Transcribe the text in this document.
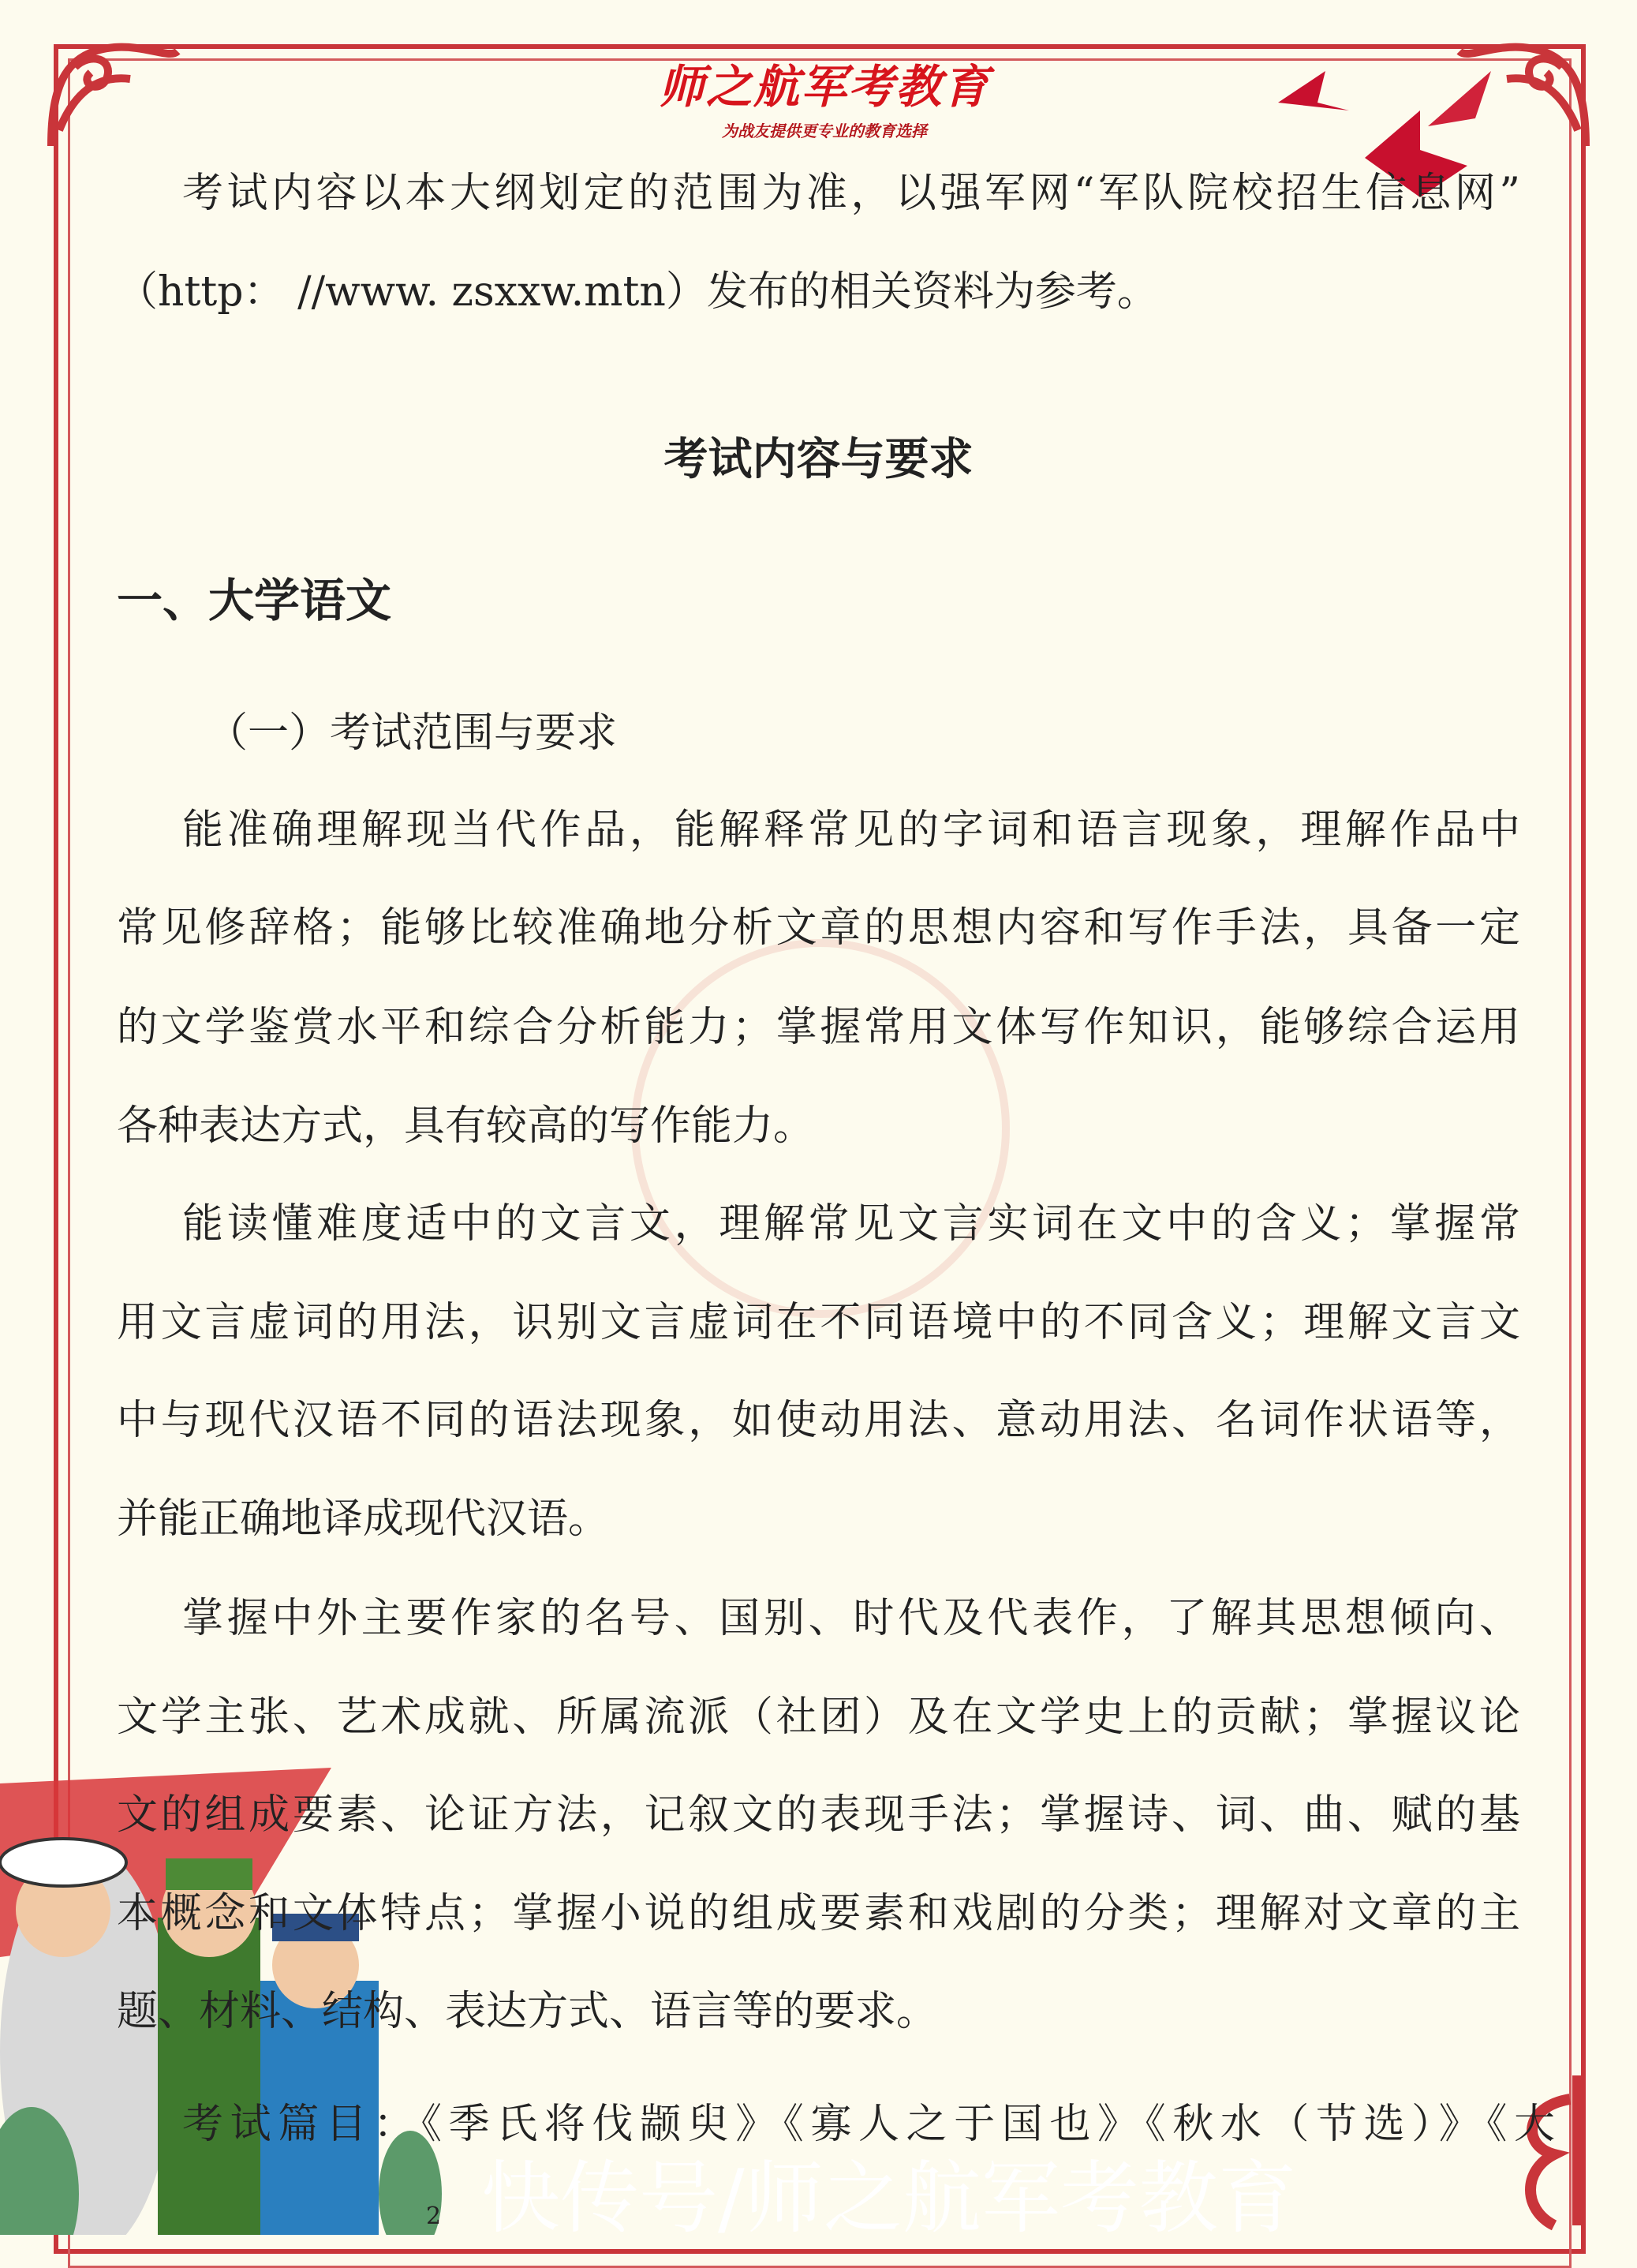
师之航军考教育
为战友提供更专业的教育选择
考试内容以本大纲划定的范围为准，以强军网“军队院校招生信息网”
（http： //www. zsxxw.mtn）发布的相关资料为参考。
考试内容与要求
一、大学语文
（一）考试范围与要求
能准确理解现当代作品，能解释常见的字词和语言现象，理解作品中
常见修辞格；能够比较准确地分析文章的思想内容和写作手法，具备一定
的文学鉴赏水平和综合分析能力；掌握常用文体写作知识，能够综合运用
各种表达方式，具有较高的写作能力。
能读懂难度适中的文言文，理解常见文言实词在文中的含义；掌握常
用文言虚词的用法，识别文言虚词在不同语境中的不同含义；理解文言文
中与现代汉语不同的语法现象，如使动用法、意动用法、名词作状语等，
并能正确地译成现代汉语。
掌握中外主要作家的名号、国别、时代及代表作，了解其思想倾向、
文学主张、艺术成就、所属流派（社团）及在文学史上的贡献；掌握议论
文的组成要素、论证方法，记叙文的表现手法；掌握诗、词、曲、赋的基
本概念和文体特点；掌握小说的组成要素和戏剧的分类；理解对文章的主
题、材料、结构、表达方式、语言等的要求。
考试篇目：《季氏将伐颛臾》《寡人之于国也》《秋水（节选）》《大
快传号/师之航军考教育
2
